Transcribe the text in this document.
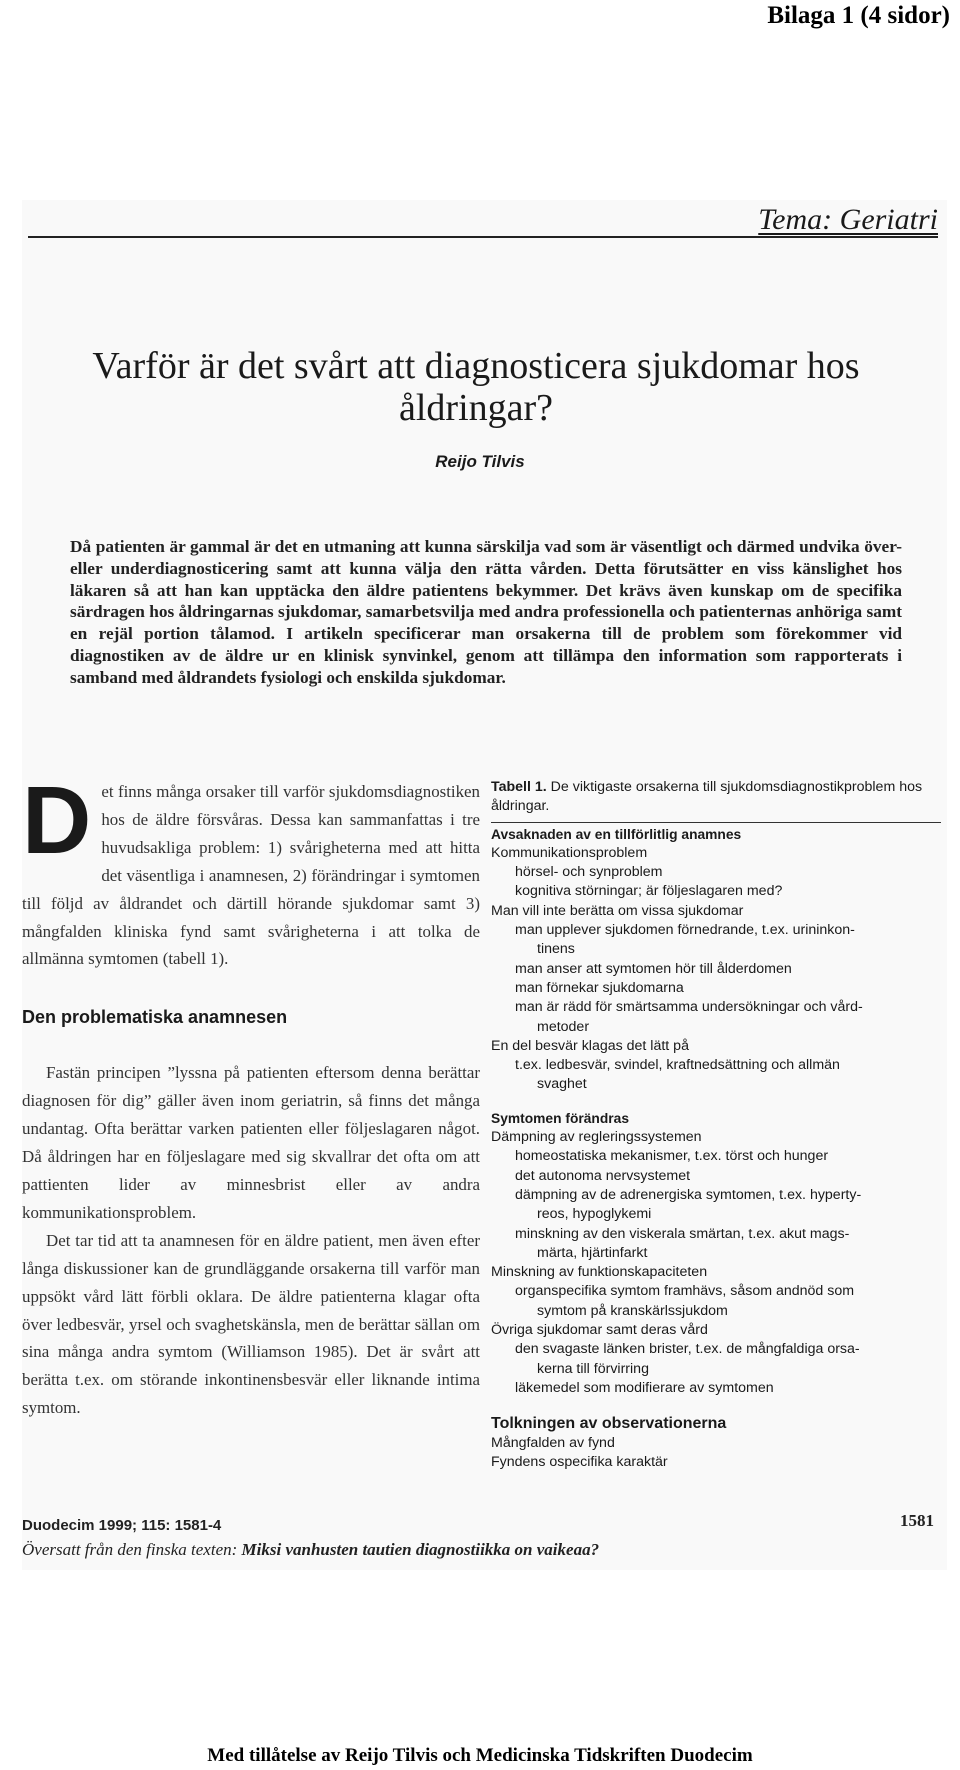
Bilaga 1 (4 sidor)
Tema: Geriatri
Varför är det svårt att diagnosticera sjukdomar hos åldringar?
Reijo Tilvis

Då patienten är gammal är det en utmaning att kunna särskilja vad som är väsentligt och därmed undvika över- eller underdiagnosticering samt att kunna välja den rätta vården. Detta förutsätter en viss känslighet hos läkaren så att han kan upptäcka den äldre patientens bekymmer. Det krävs även kunskap om de specifika särdragen hos åldringarnas sjukdomar, samarbetsvilja med andra professionella och patienternas anhöriga samt en rejäl portion tålamod. I artikeln specificerar man orsakerna till de problem som förekommer vid diagnostiken av de äldre ur en klinisk synvinkel, genom att tillämpa den information som rapporterats i samband med åldrandets fysiologi och enskilda sjukdomar.

Det finns många orsaker till varför sjukdomsdiagnostiken hos de äldre försvåras. Dessa kan sammanfattas i tre huvudsakliga problem: 1) svårigheterna med att hitta det väsentliga i anamnesen, 2) förändringar i symtomen till följd av åldrandet och därtill hörande sjukdomar samt 3) mångfalden kliniska fynd samt svårigheterna i att tolka de allmänna symtomen (tabell 1).

Den problematiska anamnesen

Fastän principen ”lyssna på patienten eftersom denna berättar diagnosen för dig” gäller även inom geriatrin, så finns det många undantag. Ofta berättar varken patienten eller följeslagaren något. Då åldringen har en följeslagare med sig skvallrar det ofta om att pattienten lider av minnesbrist eller av andra kommunikationsproblem.

Det tar tid att ta anamnesen för en äldre patient, men även efter långa diskussioner kan de grundläggande orsakerna till varför man uppsökt vård lätt förbli oklara. De äldre patienterna klagar ofta över ledbesvär, yrsel och svaghetskänsla, men de berättar sällan om sina många andra symtom (Williamson 1985). Det är svårt att berätta t.ex. om störande inkontinensbesvär eller liknande intima symtom.

Tabell 1. De viktigaste orsakerna till sjukdomsdiagnostikproblem hos åldringar.

Avsaknaden av en tillförlitlig anamnes
Kommunikationsproblem
hörsel- och synproblem
kognitiva störningar; är följeslagaren med?
Man vill inte berätta om vissa sjukdomar
man upplever sjukdomen förnedrande, t.ex. urininkon-
tinens
man anser att symtomen hör till ålderdomen
man förnekar sjukdomarna
man är rädd för smärtsamma undersökningar och vård-
metoder
En del besvär klagas det lätt på
t.ex. ledbesvär, svindel, kraftnedsättning och allmän
svaghet
Symtomen förändras
Dämpning av regleringssystemen
homeostatiska mekanismer, t.ex. törst och hunger
det autonoma nervsystemet
dämpning av de adrenergiska symtomen, t.ex. hyperty-
reos, hypoglykemi
minskning av den viskerala smärtan, t.ex. akut mags-
märta, hjärtinfarkt
Minskning av funktionskapaciteten
organspecifika symtom framhävs, såsom andnöd som
symtom på kranskärlssjukdom
Övriga sjukdomar samt deras vård
den svagaste länken brister, t.ex. de mångfaldiga orsa-
kerna till förvirring
läkemedel som modifierare av symtomen
Tolkningen av observationerna
Mångfalden av fynd
Fyndens ospecifika karaktär
Duodecim 1999; 115: 1581-4	1581
Översatt från den finska texten: Miksi vanhusten tautien diagnostiikka on vaikeaa?
Med tillåtelse av Reijo Tilvis och Medicinska Tidskriften Duodecim
